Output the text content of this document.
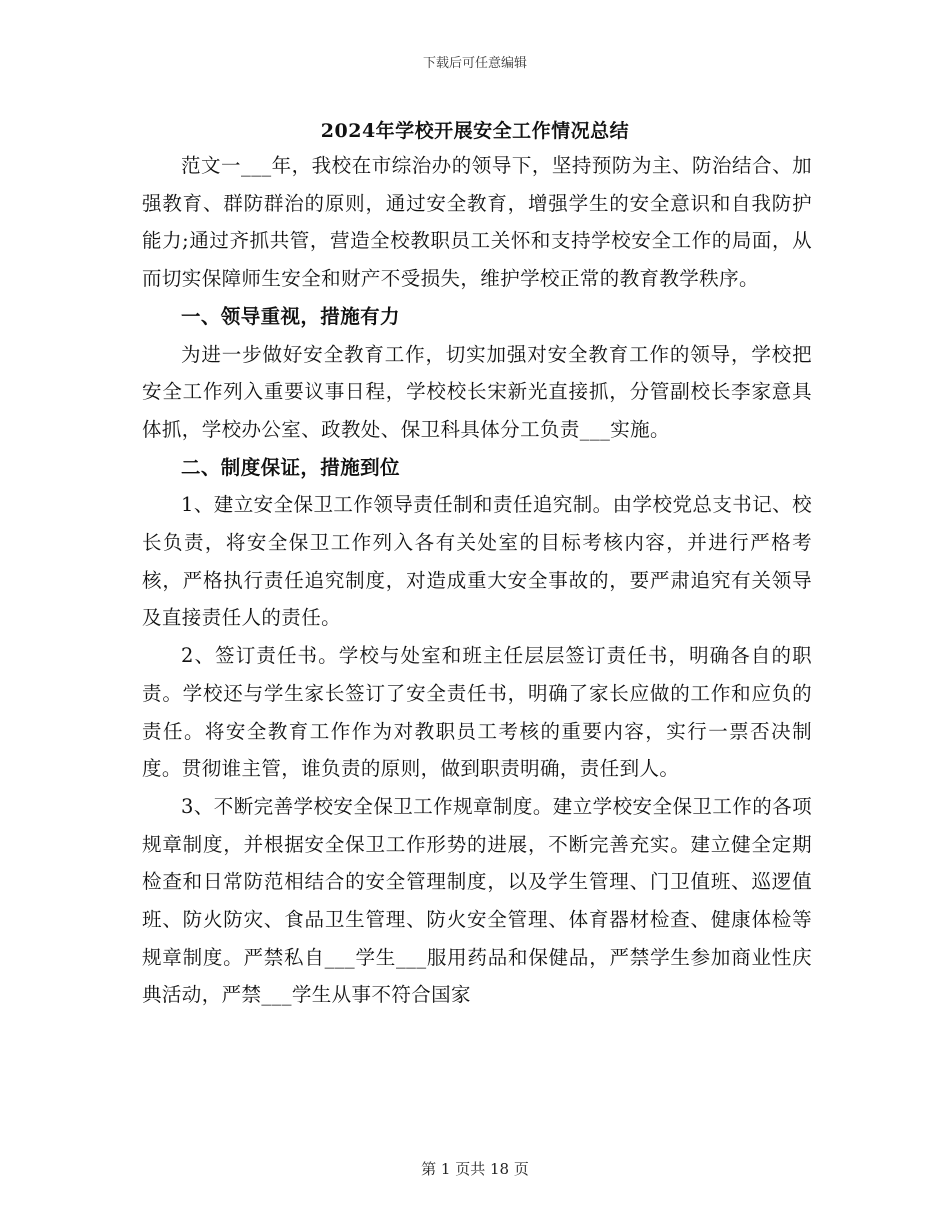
下载后可任意编辑
2024年学校开展安全工作情况总结

范文一___年，我校在市综治办的领导下，坚持预防为主、防治结合、加强教育、群防群治的原则，通过安全教育，增强学生的安全意识和自我防护能力;通过齐抓共管，营造全校教职员工关怀和支持学校安全工作的局面，从而切实保障师生安全和财产不受损失，维护学校正常的教育教学秩序。

一、领导重视，措施有力

为进一步做好安全教育工作，切实加强对安全教育工作的领导，学校把安全工作列入重要议事日程，学校校长宋新光直接抓，分管副校长李家意具体抓，学校办公室、政教处、保卫科具体分工负责___实施。

二、制度保证，措施到位

1、建立安全保卫工作领导责任制和责任追究制。由学校党总支书记、校长负责，将安全保卫工作列入各有关处室的目标考核内容，并进行严格考核，严格执行责任追究制度，对造成重大安全事故的，要严肃追究有关领导及直接责任人的责任。

2、签订责任书。学校与处室和班主任层层签订责任书，明确各自的职责。学校还与学生家长签订了安全责任书，明确了家长应做的工作和应负的责任。将安全教育工作作为对教职员工考核的重要内容，实行一票否决制度。贯彻谁主管，谁负责的原则，做到职责明确，责任到人。

3、不断完善学校安全保卫工作规章制度。建立学校安全保卫工作的各项规章制度，并根据安全保卫工作形势的进展，不断完善充实。建立健全定期检查和日常防范相结合的安全管理制度，以及学生管理、门卫值班、巡逻值班、防火防灾、食品卫生管理、防火安全管理、体育器材检查、健康体检等规章制度。严禁私自___学生___服用药品和保健品，严禁学生参加商业性庆典活动，严禁___学生从事不符合国家

第 1 页共 18 页
